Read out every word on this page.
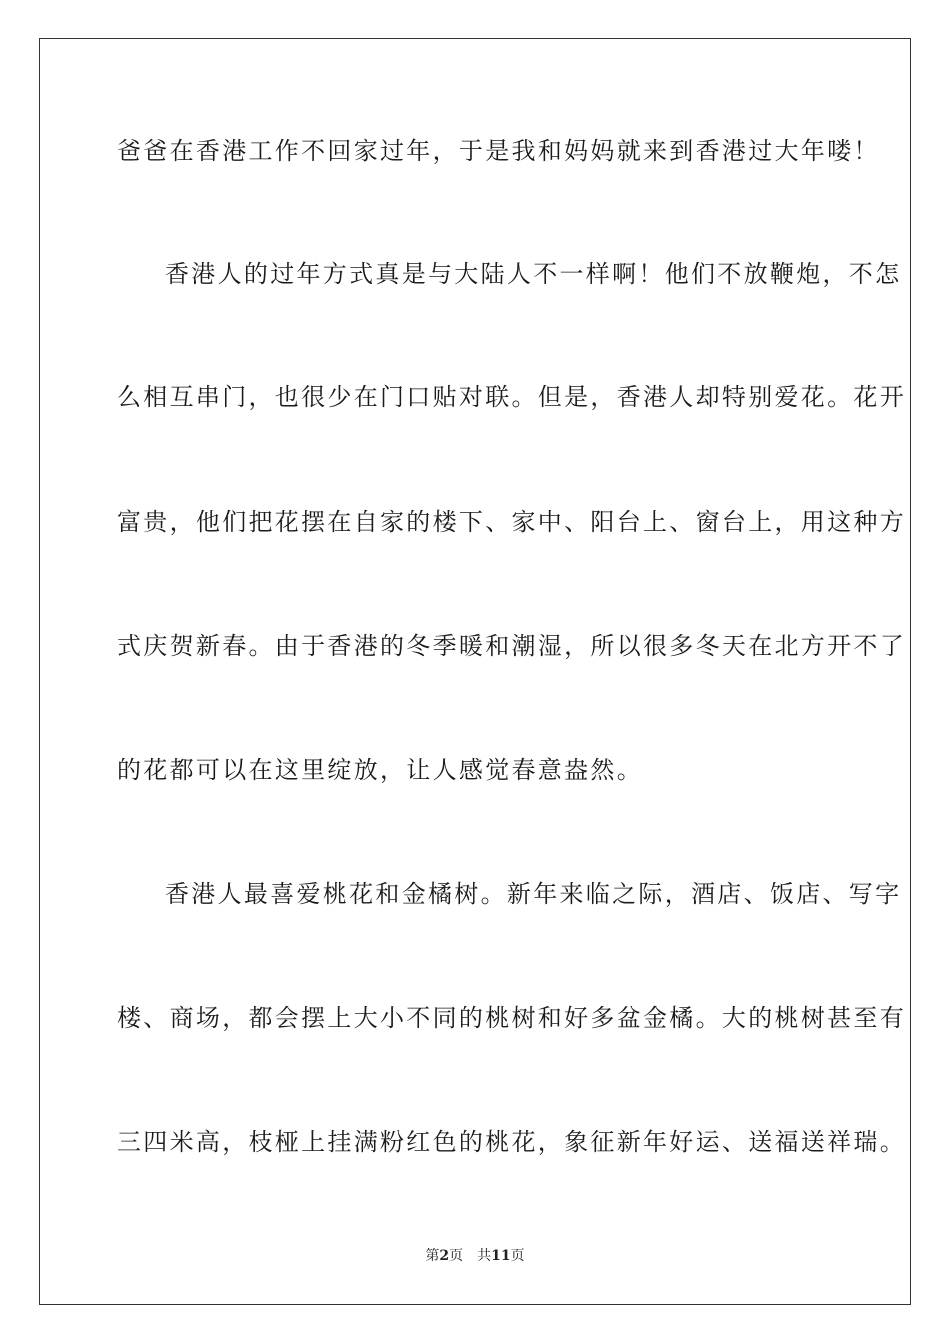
爸爸在香港工作不回家过年，于是我和妈妈就来到香港过大年喽！
香港人的过年方式真是与大陆人不一样啊！他们不放鞭炮，不怎
么相互串门，也很少在门口贴对联。但是，香港人却特别爱花。花开
富贵，他们把花摆在自家的楼下、家中、阳台上、窗台上，用这种方
式庆贺新春。由于香港的冬季暖和潮湿，所以很多冬天在北方开不了
的花都可以在这里绽放，让人感觉春意盎然。
香港人最喜爱桃花和金橘树。新年来临之际，酒店、饭店、写字
楼、商场，都会摆上大小不同的桃树和好多盆金橘。大的桃树甚至有
三四米高，枝桠上挂满粉红色的桃花，象征新年好运、送福送祥瑞。
第2页 共11页
